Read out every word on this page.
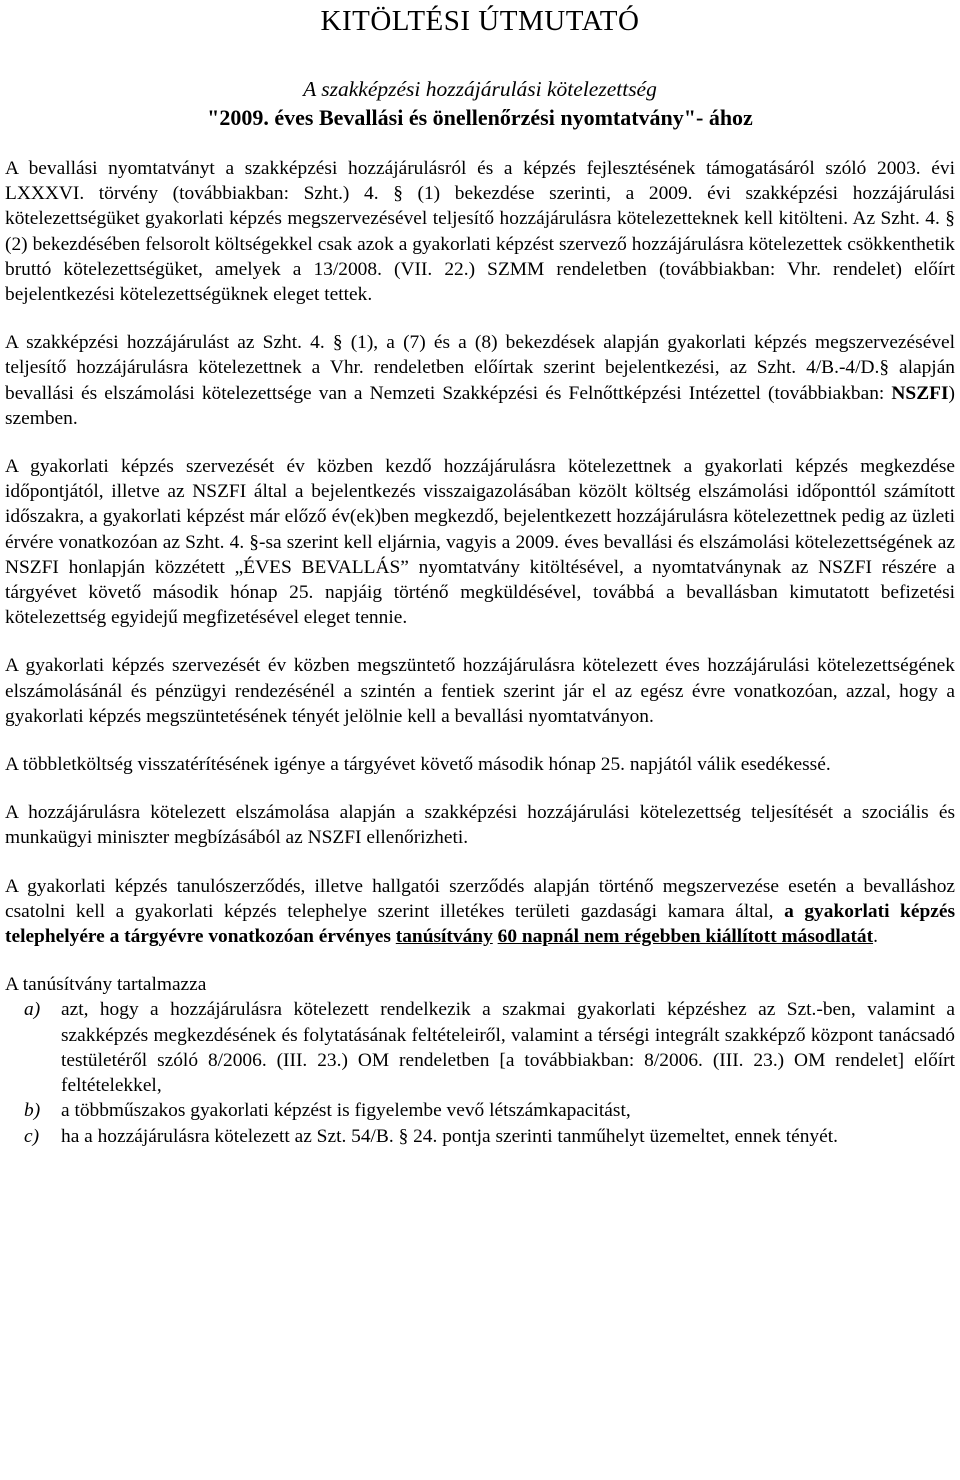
KITÖLTÉSI ÚTMUTATÓ
A szakképzési hozzájárulási kötelezettség
"2009. éves Bevallási és önellenőrzési nyomtatvány"- ához

A bevallási nyomtatványt a szakképzési hozzájárulásról és a képzés fejlesztésének támogatásáról szóló 2003. évi LXXXVI. törvény (továbbiakban: Szht.) 4. § (1) bekezdése szerinti, a 2009. évi szakképzési hozzájárulási kötelezettségüket gyakorlati képzés megszervezésével teljesítő hozzájárulásra kötelezetteknek kell kitölteni. Az Szht. 4. § (2) bekezdésében felsorolt költségekkel csak azok a gyakorlati képzést szervező hozzájárulásra kötelezettek csökkenthetik bruttó kötelezettségüket, amelyek a 13/2008. (VII. 22.) SZMM rendeletben (továbbiakban: Vhr. rendelet) előírt bejelentkezési kötelezettségüknek eleget tettek.

A szakképzési hozzájárulást az Szht. 4. § (1), a (7) és a (8) bekezdések alapján gyakorlati képzés megszervezésével teljesítő hozzájárulásra kötelezettnek a Vhr. rendeletben előírtak szerint bejelentkezési, az Szht. 4/B.-4/D.§ alapján bevallási és elszámolási kötelezettsége van a Nemzeti Szakképzési és Felnőttképzési Intézettel (továbbiakban: NSZFI) szemben.

A gyakorlati képzés szervezését év közben kezdő hozzájárulásra kötelezettnek a gyakorlati képzés megkezdése időpontjától, illetve az NSZFI által a bejelentkezés visszaigazolásában közölt költség elszámolási időponttól számított időszakra, a gyakorlati képzést már előző év(ek)ben megkezdő, bejelentkezett hozzájárulásra kötelezettnek pedig az üzleti érvére vonatkozóan az Szht. 4. §-sa szerint kell eljárnia, vagyis a 2009. éves bevallási és elszámolási kötelezettségének az NSZFI honlapján közzétett „ÉVES BEVALLÁS” nyomtatvány kitöltésével, a nyomtatványnak az NSZFI részére a tárgyévet követő második hónap 25. napjáig történő megküldésével, továbbá a bevallásban kimutatott befizetési kötelezettség egyidejű megfizetésével eleget tennie.

A gyakorlati képzés szervezését év közben megszüntető hozzájárulásra kötelezett éves hozzájárulási kötelezettségének elszámolásánál és pénzügyi rendezésénél a szintén a fentiek szerint jár el az egész évre vonatkozóan, azzal, hogy a gyakorlati képzés megszüntetésének tényét jelölnie kell a bevallási nyomtatványon.

A többletköltség visszatérítésének igénye a tárgyévet követő második hónap 25. napjától válik esedékessé.

A hozzájárulásra kötelezett elszámolása alapján a szakképzési hozzájárulási kötelezettség teljesítését a szociális és munkaügyi miniszter megbízásából az NSZFI ellenőrizheti.

A gyakorlati képzés tanulószerződés, illetve hallgatói szerződés alapján történő megszervezése esetén a bevalláshoz csatolni kell a gyakorlati képzés telephelye szerint illetékes területi gazdasági kamara által, a gyakorlati képzés telephelyére a tárgyévre vonatkozóan érvényes tanúsítvány 60 napnál nem régebben kiállított másodlatát.

A tanúsítvány tartalmazza
a)	azt, hogy a hozzájárulásra kötelezett rendelkezik a szakmai gyakorlati képzéshez az Szt.-ben, valamint a szakképzés megkezdésének és folytatásának feltételeiről, valamint a térségi integrált szakképző központ tanácsadó testületéről szóló 8/2006. (III. 23.) OM rendeletben [a továbbiakban: 8/2006. (III. 23.) OM rendelet] előírt feltételekkel,
b)	a többműszakos gyakorlati képzést is figyelembe vevő létszámkapacitást,
c)	ha a hozzájárulásra kötelezett az Szt. 54/B. § 24. pontja szerinti tanműhelyt üzemeltet, ennek tényét.
